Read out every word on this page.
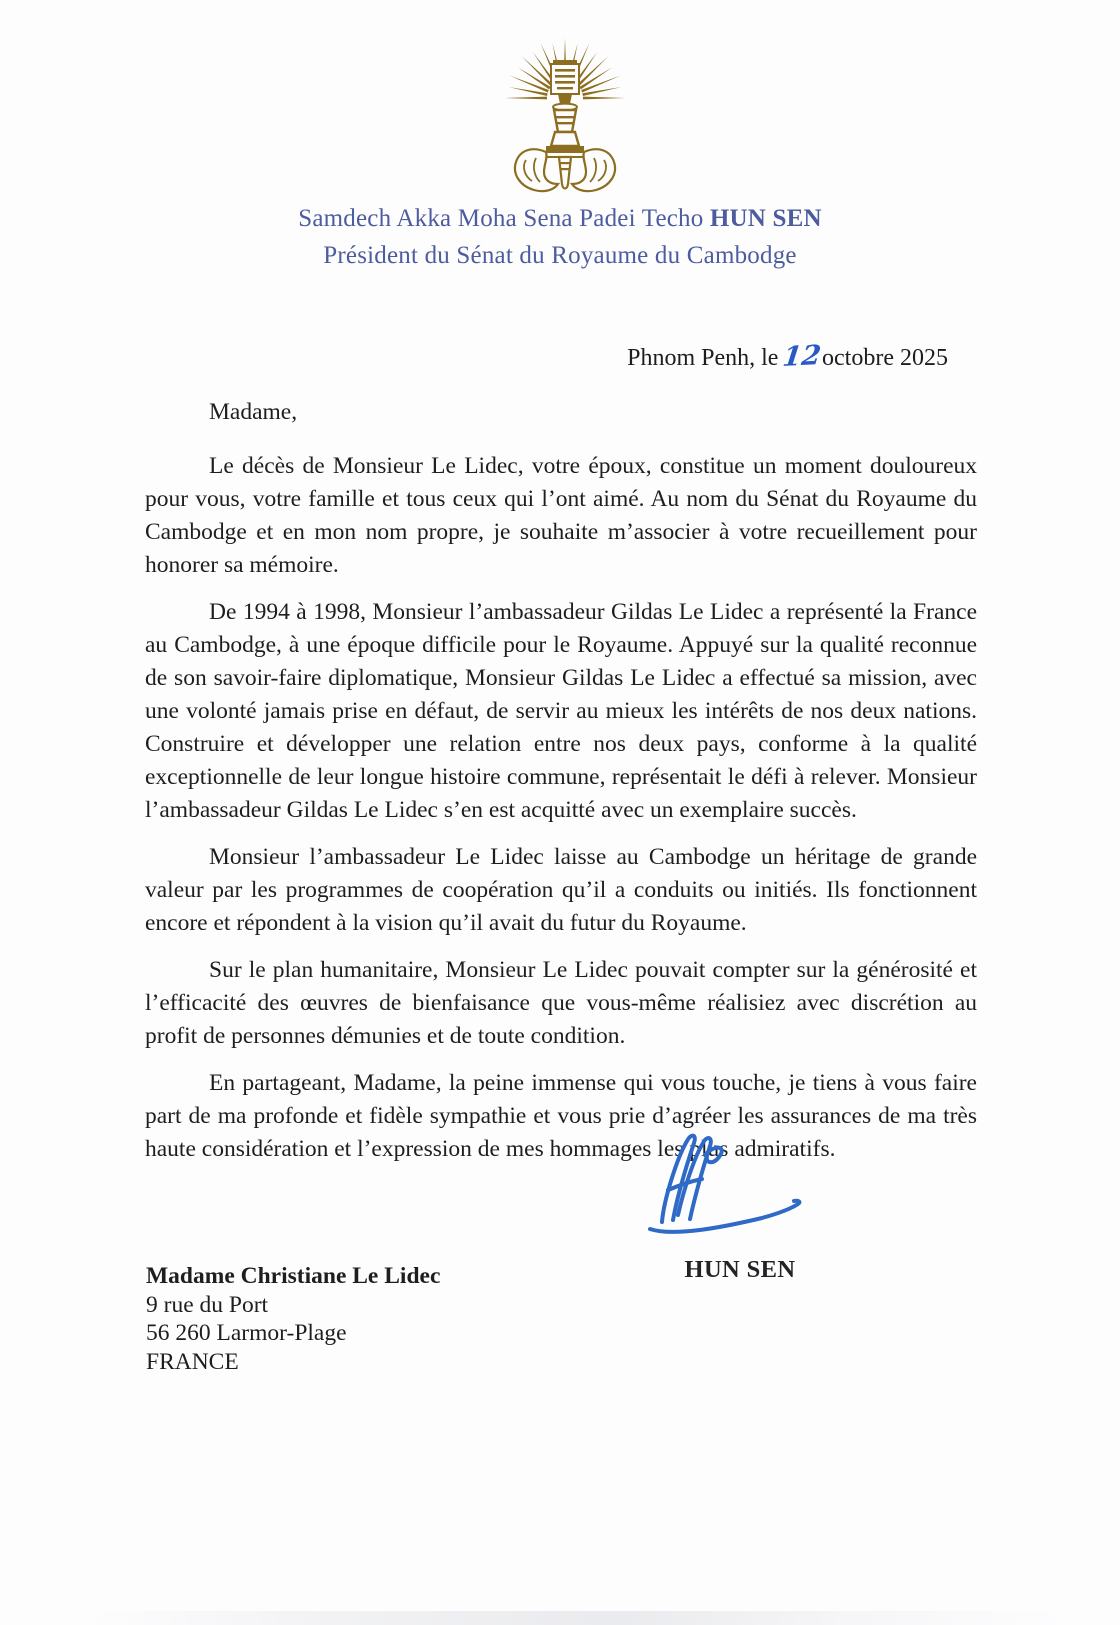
Samdech Akka Moha Sena Padei Techo HUN SEN
Président du Sénat du Royaume du Cambodge
Phnom Penh, le 12octobre 2025
Madame,

Le décès de Monsieur Le Lidec, votre époux, constitue un moment douloureux pour vous, votre famille et tous ceux qui l’ont aimé. Au nom du Sénat du Royaume du Cambodge et en mon nom propre, je souhaite m’associer à votre recueillement pour honorer sa mémoire.

De 1994 à 1998, Monsieur l’ambassadeur Gildas Le Lidec a représenté la France au Cambodge, à une époque difficile pour le Royaume. Appuyé sur la qualité reconnue de son savoir-faire diplomatique, Monsieur Gildas Le Lidec a effectué sa mission, avec une volonté jamais prise en défaut, de servir au mieux les intérêts de nos deux nations. Construire et développer une relation entre nos deux pays, conforme à la qualité exceptionnelle de leur longue histoire commune, représentait le défi à relever. Monsieur l’ambassadeur Gildas Le Lidec s’en est acquitté avec un exemplaire succès.

Monsieur l’ambassadeur Le Lidec laisse au Cambodge un héritage de grande valeur par les programmes de coopération qu’il a conduits ou initiés. Ils fonctionnent encore et répondent à la vision qu’il avait du futur du Royaume.

Sur le plan humanitaire, Monsieur Le Lidec pouvait compter sur la générosité et l’efficacité des œuvres de bienfaisance que vous-même réalisiez avec discrétion au profit de personnes démunies et de toute condition.

En partageant, Madame, la peine immense qui vous touche, je tiens à vous faire part de ma profonde et fidèle sympathie et vous prie d’agréer les assurances de ma très haute considération et l’expression de mes hommages les plus admiratifs.

HUN SEN
Madame Christiane Le Lidec
9 rue du Port
56 260 Larmor-Plage
FRANCE
